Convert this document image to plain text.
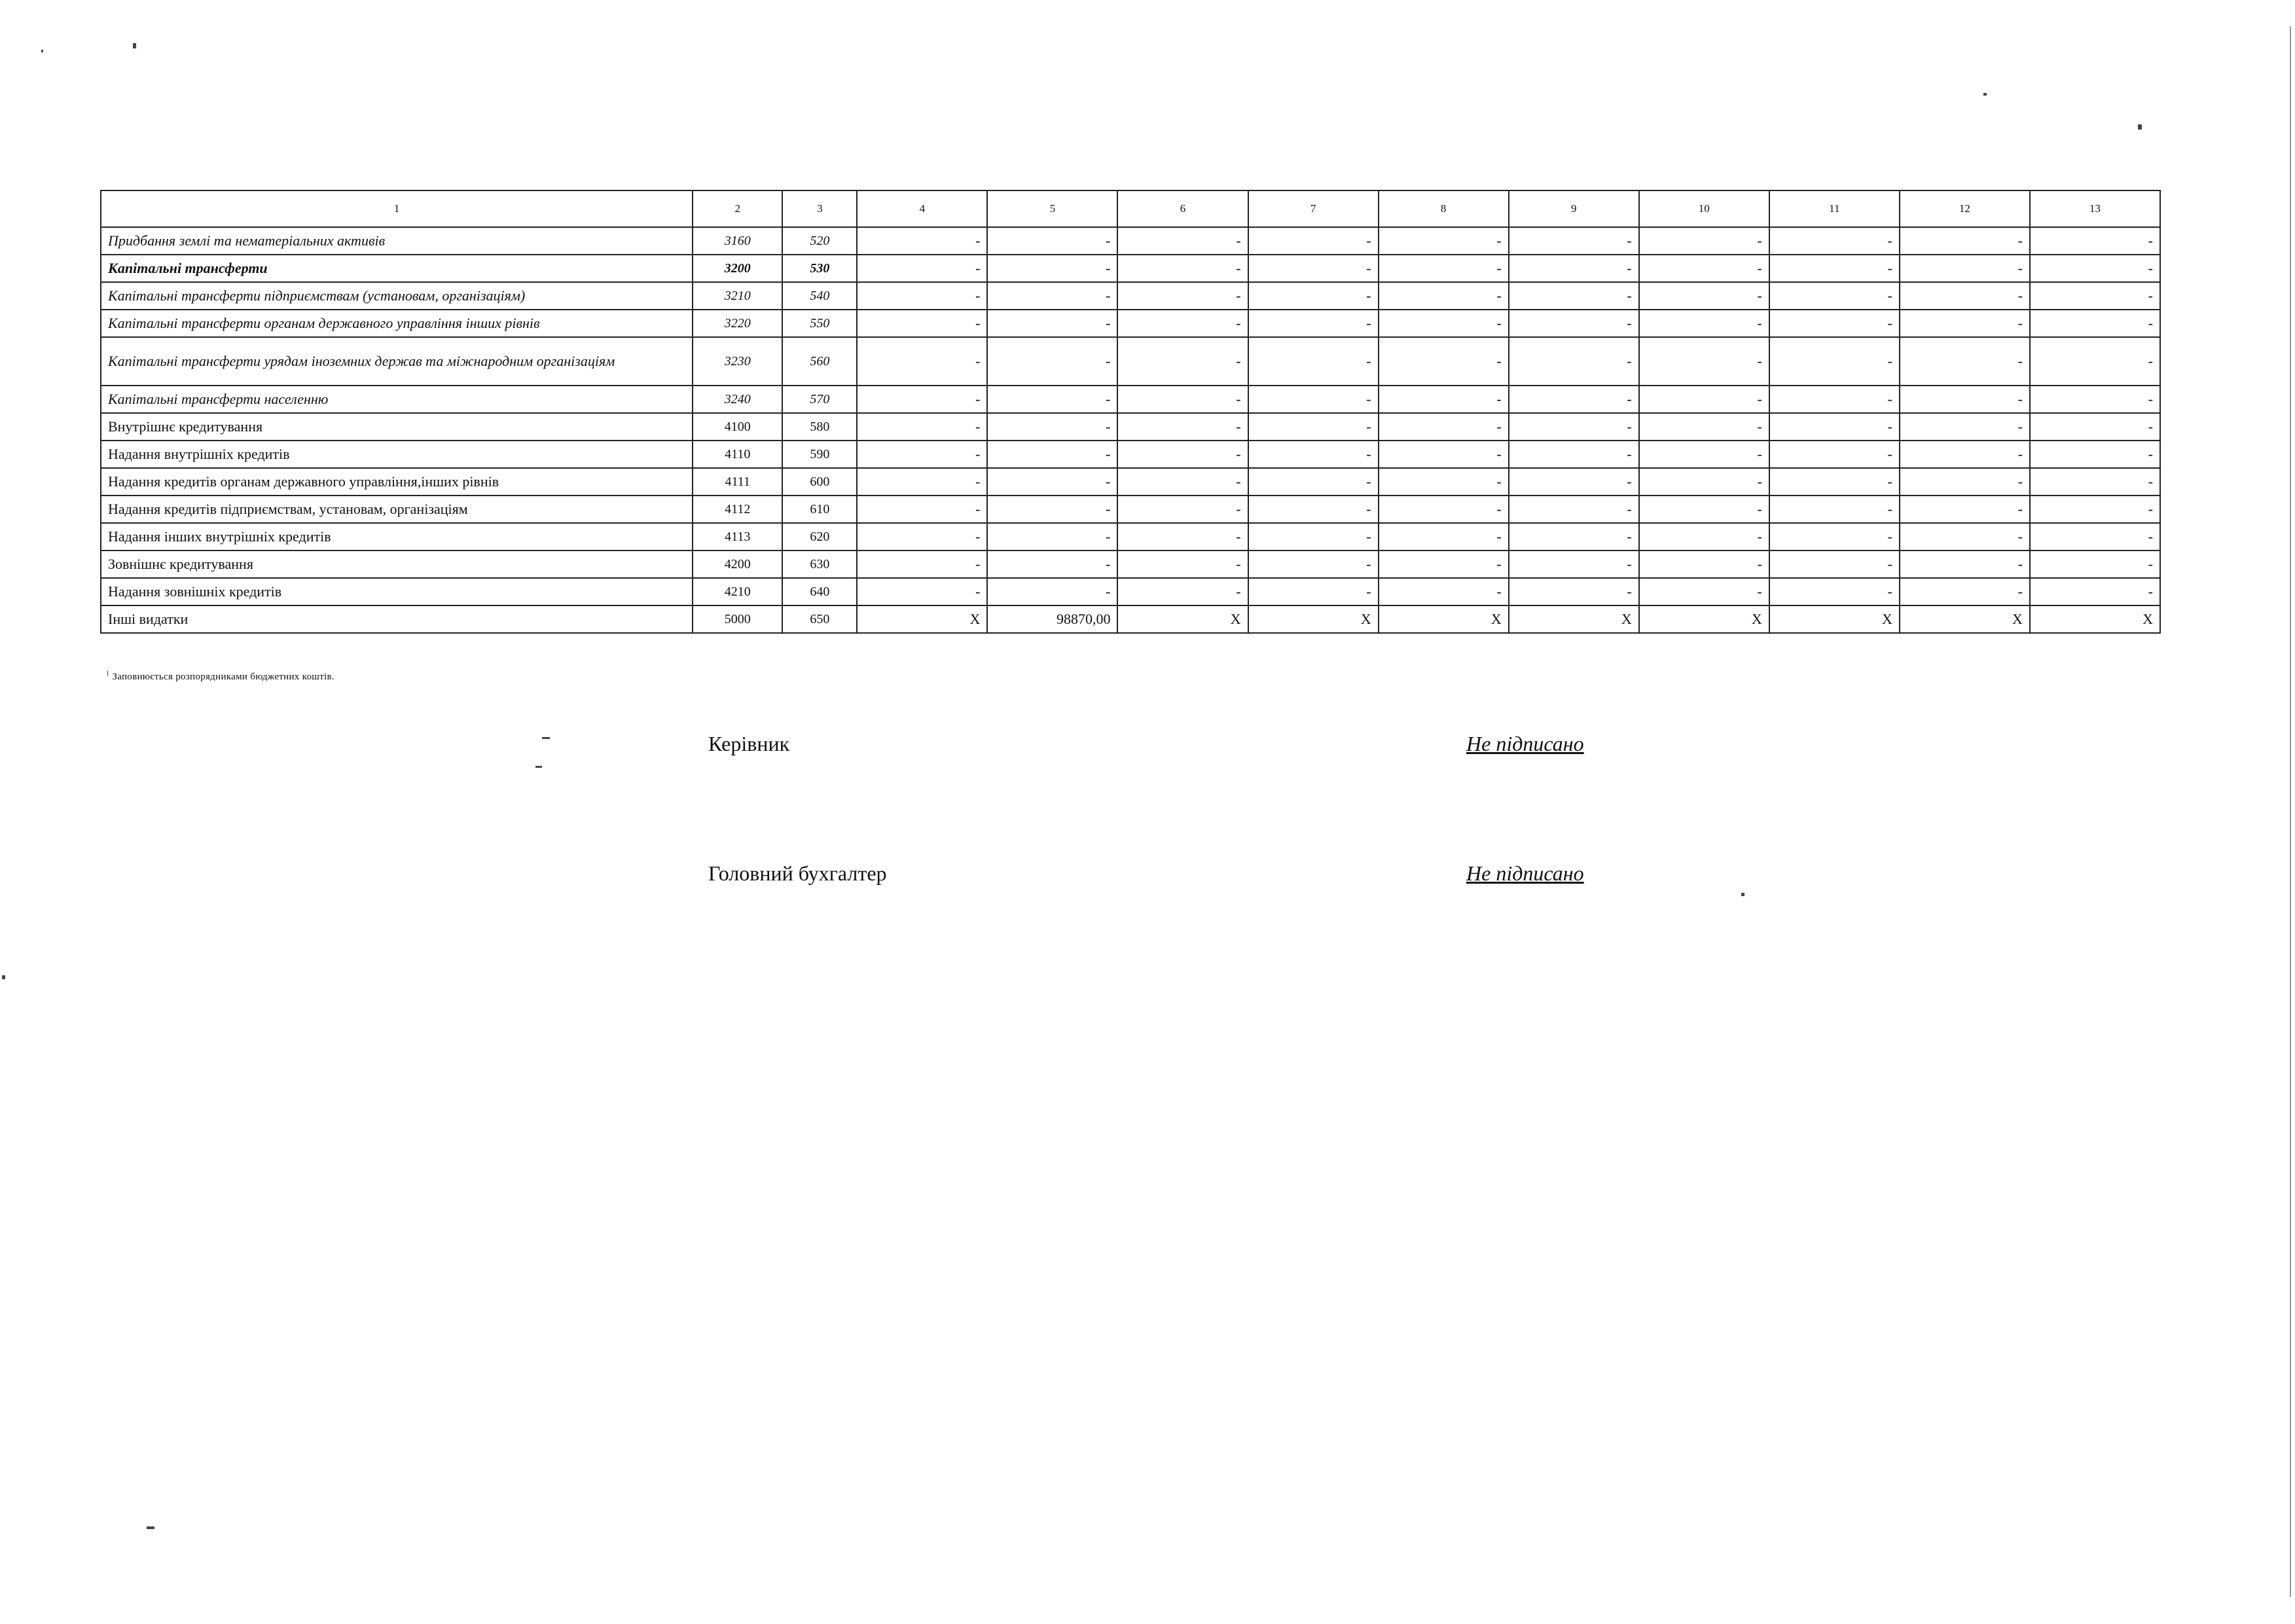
1	2	3	4	5	6	7	8	9	10	11	12	13
Придбання землі та нематеріальних активів	3160	520	-	-	-	-	-	-	-	-	-	-
Капітальні трансферти	3200	530	-	-	-	-	-	-	-	-	-	-
Капітальні трансферти підприємствам (установам, організаціям)	3210	540	-	-	-	-	-	-	-	-	-	-
Капітальні трансферти органам державного управління інших рівнів	3220	550	-	-	-	-	-	-	-	-	-	-
Капітальні трансферти урядам іноземних держав та міжнародним організаціям	3230	560	-	-	-	-	-	-	-	-	-	-
Капітальні трансферти населенню	3240	570	-	-	-	-	-	-	-	-	-	-
Внутрішнє кредитування	4100	580	-	-	-	-	-	-	-	-	-	-
Надання внутрішніх кредитів	4110	590	-	-	-	-	-	-	-	-	-	-
Надання кредитів органам державного управління,інших рівнів	4111	600	-	-	-	-	-	-	-	-	-	-
Надання кредитів підприємствам, установам, організаціям	4112	610	-	-	-	-	-	-	-	-	-	-
Надання інших внутрішніх кредитів	4113	620	-	-	-	-	-	-	-	-	-	-
Зовнішнє кредитування	4200	630	-	-	-	-	-	-	-	-	-	-
Надання зовнішніх кредитів	4210	640	-	-	-	-	-	-	-	-	-	-
Інші видатки	5000	650	X	98870,00	X	X	X	X	X	X	X	X
$^1$ Заповнюється розпорядниками бюджетних коштів.
Керівник	Не підписано
Головний бухгалтер	Не підписано
